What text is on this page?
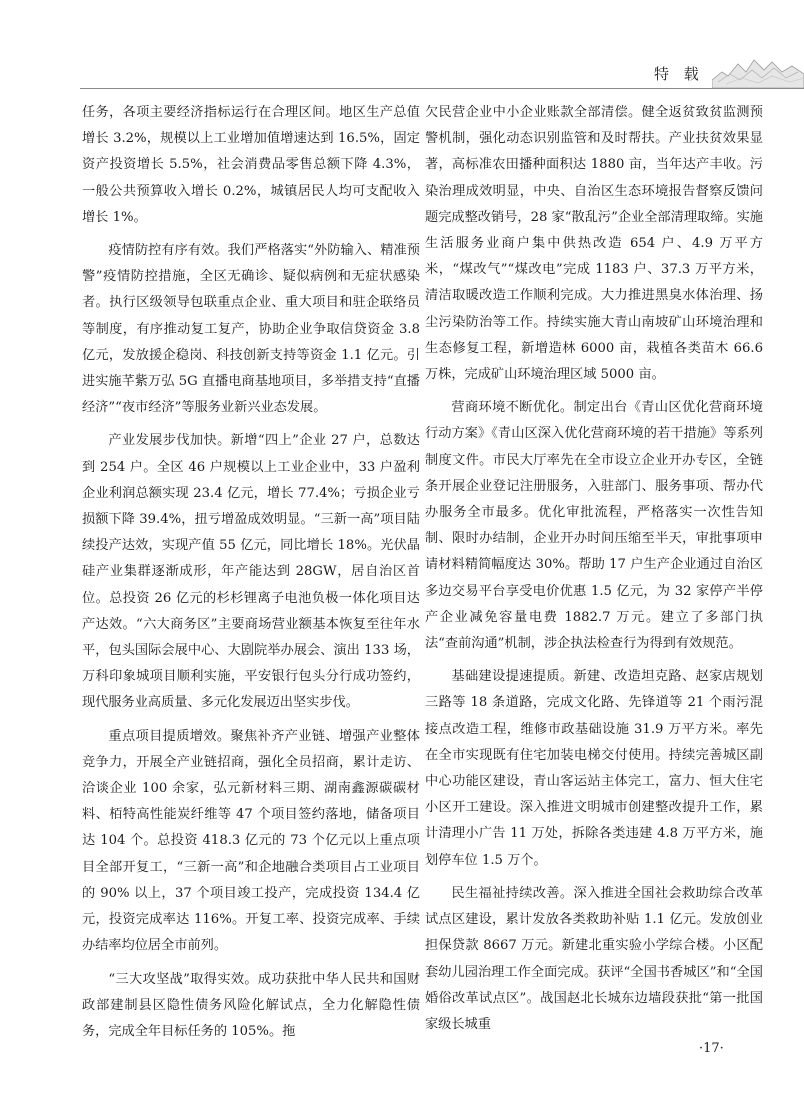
特 载

任务，各项主要经济指标运行在合理区间。地区生产总值增长 3.2%，规模以上工业增加值增速达到 16.5%，固定资产投资增长 5.5%，社会消费品零售总额下降 4.3%，一般公共预算收入增长 0.2%，城镇居民人均可支配收入增长 1%。

疫情防控有序有效。我们严格落实“外防输入、精准预警”疫情防控措施，全区无确诊、疑似病例和无症状感染者。执行区级领导包联重点企业、重大项目和驻企联络员等制度，有序推动复工复产，协助企业争取信贷资金 3.8 亿元，发放援企稳岗、科技创新支持等资金 1.1 亿元。引进实施芊紫万弘 5G 直播电商基地项目，多举措支持“直播经济”“夜市经济”等服务业新兴业态发展。

产业发展步伐加快。新增“四上”企业 27 户，总数达到 254 户。全区 46 户规模以上工业企业中，33 户盈利企业利润总额实现 23.4 亿元，增长 77.4%；亏损企业亏损额下降 39.4%，扭亏增盈成效明显。“三新一高”项目陆续投产达效，实现产值 55 亿元，同比增长 18%。光伏晶硅产业集群逐渐成形，年产能达到 28GW，居自治区首位。总投资 26 亿元的杉杉锂离子电池负极一体化项目达产达效。“六大商务区”主要商场营业额基本恢复至往年水平，包头国际会展中心、大剧院举办展会、演出 133 场，万科印象城项目顺利实施，平安银行包头分行成功签约，现代服务业高质量、多元化发展迈出坚实步伐。

重点项目提质增效。聚焦补齐产业链、增强产业整体竞争力，开展全产业链招商，强化全员招商，累计走访、洽谈企业 100 余家，弘元新材料三期、湖南鑫源碳碳材料、栢特高性能炭纤维等 47 个项目签约落地，储备项目达 104 个。总投资 418.3 亿元的 73 个亿元以上重点项目全部开复工，“三新一高”和企地融合类项目占工业项目的 90% 以上，37 个项目竣工投产，完成投资 134.4 亿元，投资完成率达 116%。开复工率、投资完成率、手续办结率均位居全市前列。

“三大攻坚战”取得实效。成功获批中华人民共和国财政部建制县区隐性债务风险化解试点，全力化解隐性债务，完成全年目标任务的 105%。拖

欠民营企业中小企业账款全部清偿。健全返贫致贫监测预警机制，强化动态识别监管和及时帮扶。产业扶贫效果显著，高标准农田播种面积达 1880 亩，当年达产丰收。污染治理成效明显，中央、自治区生态环境报告督察反馈问题完成整改销号，28 家“散乱污”企业全部清理取缔。实施生活服务业商户集中供热改造 654 户、4.9 万平方米，“煤改气”“煤改电”完成 1183 户、37.3 万平方米，清洁取暖改造工作顺利完成。大力推进黑臭水体治理、扬尘污染防治等工作。持续实施大青山南坡矿山环境治理和生态修复工程，新增造林 6000 亩，栽植各类苗木 66.6 万株，完成矿山环境治理区域 5000 亩。

营商环境不断优化。制定出台《青山区优化营商环境行动方案》《青山区深入优化营商环境的若干措施》等系列制度文件。市民大厅率先在全市设立企业开办专区，全链条开展企业登记注册服务，入驻部门、服务事项、帮办代办服务全市最多。优化审批流程，严格落实一次性告知制、限时办结制，企业开办时间压缩至半天，审批事项申请材料精简幅度达 30%。帮助 17 户生产企业通过自治区多边交易平台享受电价优惠 1.5 亿元，为 32 家停产半停产企业减免容量电费 1882.7 万元。建立了多部门执法“查前沟通”机制，涉企执法检查行为得到有效规范。

基础建设提速提质。新建、改造坦克路、赵家店规划三路等 18 条道路，完成文化路、先锋道等 21 个雨污混接点改造工程，维修市政基础设施 31.9 万平方米。率先在全市实现既有住宅加装电梯交付使用。持续完善城区副中心功能区建设，青山客运站主体完工，富力、恒大住宅小区开工建设。深入推进文明城市创建整改提升工作，累计清理小广告 11 万处，拆除各类违建 4.8 万平方米，施划停车位 1.5 万个。

民生福祉持续改善。深入推进全国社会救助综合改革试点区建设，累计发放各类救助补贴 1.1 亿元。发放创业担保贷款 8667 万元。新建北重实验小学综合楼。小区配套幼儿园治理工作全面完成。获评“全国书香城区”和“全国婚俗改革试点区”。战国赵北长城东边墙段获批“第一批国家级长城重

·17·
